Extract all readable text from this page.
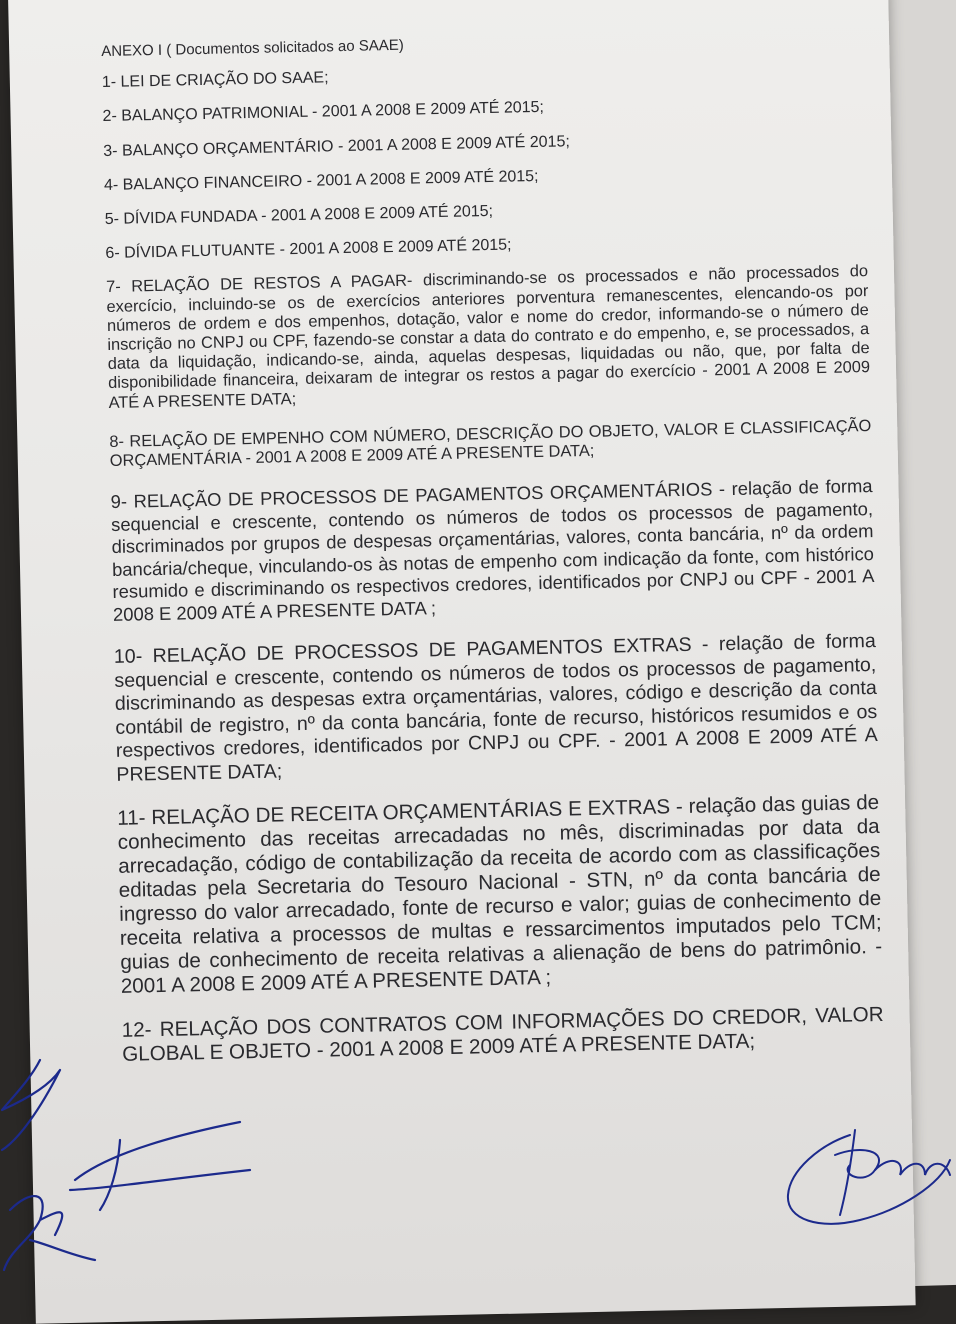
ANEXO I ( Documentos solicitados ao SAAE)

1- LEI DE CRIAÇÃO DO SAAE;

2- BALANÇO PATRIMONIAL - 2001 A 2008 E 2009 ATÉ 2015;

3- BALANÇO ORÇAMENTÁRIO - 2001 A 2008 E 2009 ATÉ 2015;

4- BALANÇO FINANCEIRO - 2001 A 2008 E 2009 ATÉ 2015;

5- DÍVIDA FUNDADA - 2001 A 2008 E 2009 ATÉ 2015;

6- DÍVIDA FLUTUANTE - 2001 A 2008 E 2009 ATÉ 2015;

7- RELAÇÃO DE RESTOS A PAGAR- discriminando-se os processados e não processados do exercício, incluindo-se os de exercícios anteriores porventura remanescentes, elencando-os por números de ordem e dos empenhos, dotação, valor e nome do credor, informando-se o número de inscrição no CNPJ ou CPF, fazendo-se constar a data do contrato e do empenho, e, se processados, a data da liquidação, indicando-se, ainda, aquelas despesas, liquidadas ou não, que, por falta de disponibilidade financeira, deixaram de integrar os restos a pagar do exercício - 2001 A 2008 E 2009 ATÉ A PRESENTE DATA;

8- RELAÇÃO DE EMPENHO COM NÚMERO, DESCRIÇÃO DO OBJETO, VALOR E CLASSIFICAÇÃO ORÇAMENTÁRIA - 2001 A 2008 E 2009 ATÉ A PRESENTE DATA;

9- RELAÇÃO DE PROCESSOS DE PAGAMENTOS ORÇAMENTÁRIOS - relação de forma sequencial e crescente, contendo os números de todos os processos de pagamento, discriminados por grupos de despesas orçamentárias, valores, conta bancária, nº da ordem bancária/cheque, vinculando-os às notas de empenho com indicação da fonte, com histórico resumido e discriminando os respectivos credores, identificados por CNPJ ou CPF - 2001 A 2008 E 2009 ATÉ A PRESENTE DATA ;

10- RELAÇÃO DE PROCESSOS DE PAGAMENTOS EXTRAS - relação de forma sequencial e crescente, contendo os números de todos os processos de pagamento, discriminando as despesas extra orçamentárias, valores, código e descrição da conta contábil de registro, nº da conta bancária, fonte de recurso, históricos resumidos e os respectivos credores, identificados por CNPJ ou CPF. - 2001 A 2008 E 2009 ATÉ A PRESENTE DATA;

11- RELAÇÃO DE RECEITA ORÇAMENTÁRIAS E EXTRAS - relação das guias de conhecimento das receitas arrecadadas no mês, discriminadas por data da arrecadação, código de contabilização da receita de acordo com as classificações editadas pela Secretaria do Tesouro Nacional - STN, nº da conta bancária de ingresso do valor arrecadado, fonte de recurso e valor; guias de conhecimento de receita relativa a processos de multas e ressarcimentos imputados pelo TCM; guias de conhecimento de receita relativas a alienação de bens do patrimônio. - 2001 A 2008 E 2009 ATÉ A PRESENTE DATA ;

12- RELAÇÃO DOS CONTRATOS COM INFORMAÇÕES DO CREDOR, VALOR GLOBAL E OBJETO - 2001 A 2008 E 2009 ATÉ A PRESENTE DATA;
